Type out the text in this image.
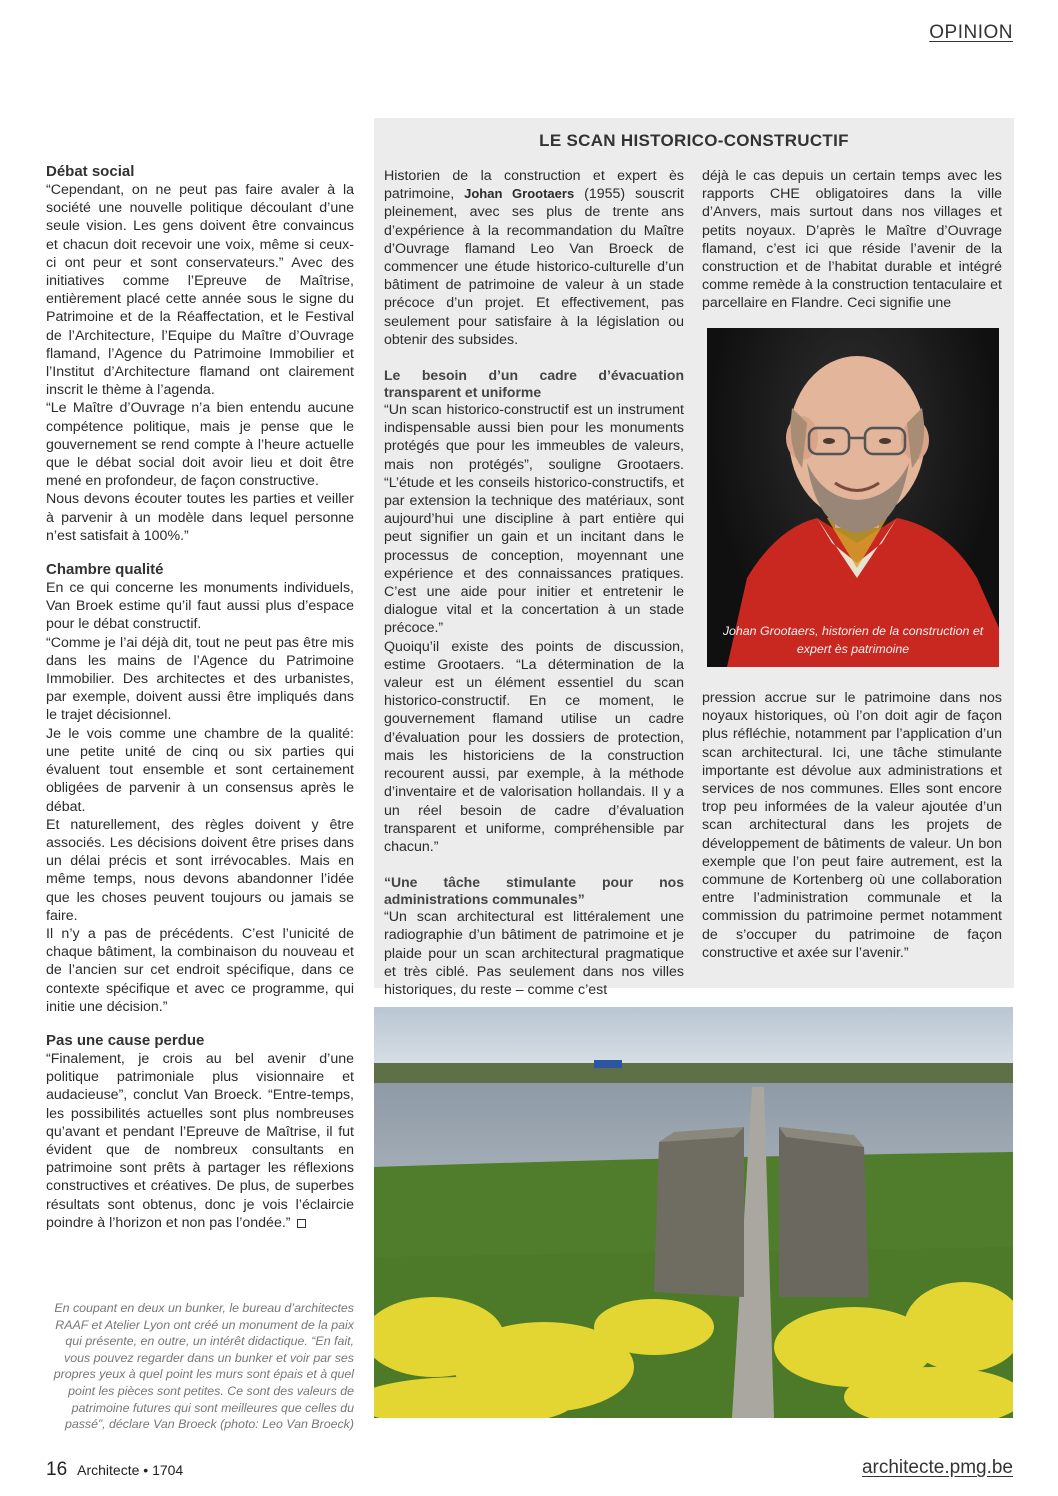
OPINION
Débat social

“Cependant, on ne peut pas faire avaler à la société une nouvelle politique découlant d’une seule vision. Les gens doivent être convaincus et chacun doit recevoir une voix, même si ceux-ci ont peur et sont conservateurs.” Avec des initiatives comme l’Epreuve de Maîtrise, entièrement placé cette année sous le signe du Patrimoine et de la Réaffectation, et le Festival de l’Architecture, l’Equipe du Maître d’Ouvrage flamand, l’Agence du Patrimoine Immobilier et l’Institut d’Architecture flamand ont clairement inscrit le thème à l’agenda.

“Le Maître d’Ouvrage n’a bien entendu aucune compétence politique, mais je pense que le gouvernement se rend compte à l’heure actuelle que le débat social doit avoir lieu et doit être mené en profondeur, de façon constructive.

Nous devons écouter toutes les parties et veiller à parvenir à un modèle dans lequel personne n’est satisfait à 100%.”

Chambre qualité

En ce qui concerne les monuments individuels, Van Broek estime qu’il faut aussi plus d’espace pour le débat constructif.

“Comme je l’ai déjà dit, tout ne peut pas être mis dans les mains de l’Agence du Patrimoine Immobilier. Des architectes et des urbanistes, par exemple, doivent aussi être impliqués dans le trajet décisionnel.

Je le vois comme une chambre de la qualité: une petite unité de cinq ou six parties qui évaluent tout ensemble et sont certainement obligées de parvenir à un consensus après le débat.

Et naturellement, des règles doivent y être associés. Les décisions doivent être prises dans un délai précis et sont irrévocables. Mais en même temps, nous devons abandonner l’idée que les choses peuvent toujours ou jamais se faire.

Il n’y a pas de précédents. C’est l’unicité de chaque bâtiment, la combinaison du nouveau et de l’ancien sur cet endroit spécifique, dans ce contexte spécifique et avec ce programme, qui initie une décision.”

Pas une cause perdue

“Finalement, je crois au bel avenir d’une politique patrimoniale plus visionnaire et audacieuse”, conclut Van Broeck. “Entre-temps, les possibilités actuelles sont plus nombreuses qu’avant et pendant l’Epreuve de Maîtrise, il fut évident que de nombreux consultants en patrimoine sont prêts à partager les réflexions constructives et créatives. De plus, de superbes résultats sont obtenus, donc je vois l’éclaircie poindre à l’horizon et non pas l’ondée.”

En coupant en deux un bunker, le bureau d’architectes RAAF et Atelier Lyon ont créé un monument de la paix qui présente, en outre, un intérêt didactique. “En fait, vous pouvez regarder dans un bunker et voir par ses propres yeux à quel point les murs sont épais et à quel point les pièces sont petites. Ce sont des valeurs de patrimoine futures qui sont meilleures que celles du passé”, déclare Van Broeck (photo: Leo Van Broeck)
LE SCAN HISTORICO-CONSTRUCTIF

Historien de la construction et expert ès patrimoine, Johan Grootaers (1955) souscrit pleinement, avec ses plus de trente ans d’expérience à la recommandation du Maître d’Ouvrage flamand Leo Van Broeck de commencer une étude historico-culturelle d’un bâtiment de patrimoine de valeur à un stade précoce d’un projet. Et effectivement, pas seulement pour satisfaire à la législation ou obtenir des subsides.

Le besoin d’un cadre d’évacuation transparent et uniforme

“Un scan historico-constructif est un instrument indispensable aussi bien pour les monuments protégés que pour les immeubles de valeurs, mais non protégés”, souligne Grootaers. “L’étude et les conseils historico-constructifs, et par extension la technique des matériaux, sont aujourd’hui une discipline à part entière qui peut signifier un gain et un incitant dans le processus de conception, moyennant une expérience et des connaissances pratiques. C’est une aide pour initier et entretenir le dialogue vital et la concertation à un stade précoce.”

Quoiqu’il existe des points de discussion, estime Grootaers. “La détermination de la valeur est un élément essentiel du scan historico-constructif. En ce moment, le gouvernement flamand utilise un cadre d’évaluation pour les dossiers de protection, mais les historiciens de la construction recourent aussi, par exemple, à la méthode d’inventaire et de valorisation hollandais. Il y a un réel besoin de cadre d’évaluation transparent et uniforme, compréhensible par chacun.”

“Une tâche stimulante pour nos administrations communales”

“Un scan architectural est littéralement une radiographie d’un bâtiment de patrimoine et je plaide pour un scan architectural pragmatique et très ciblé. Pas seulement dans nos villes historiques, du reste – comme c’est

déjà le cas depuis un certain temps avec les rapports CHE obligatoires dans la ville d’Anvers, mais surtout dans nos villages et petits noyaux. D’après le Maître d’Ouvrage flamand, c’est ici que réside l’avenir de la construction et de l’habitat durable et intégré comme remède à la construction tentaculaire et parcellaire en Flandre. Ceci signifie une

Johan Grootaers, historien de la construction et expert ès patrimoine

pression accrue sur le patrimoine dans nos noyaux historiques, où l’on doit agir de façon plus réfléchie, notamment par l’application d’un scan architectural. Ici, une tâche stimulante importante est dévolue aux administrations et services de nos communes. Elles sont encore trop peu informées de la valeur ajoutée d’un scan architectural dans les projets de développement de bâtiments de valeur. Un bon exemple que l’on peut faire autrement, est la commune de Kortenberg où une collaboration entre l’administration communale et la commission du patrimoine permet notamment de s’occuper du patrimoine de façon constructive et axée sur l’avenir.”

16 Architecte • 1704	architecte.pmg.be
